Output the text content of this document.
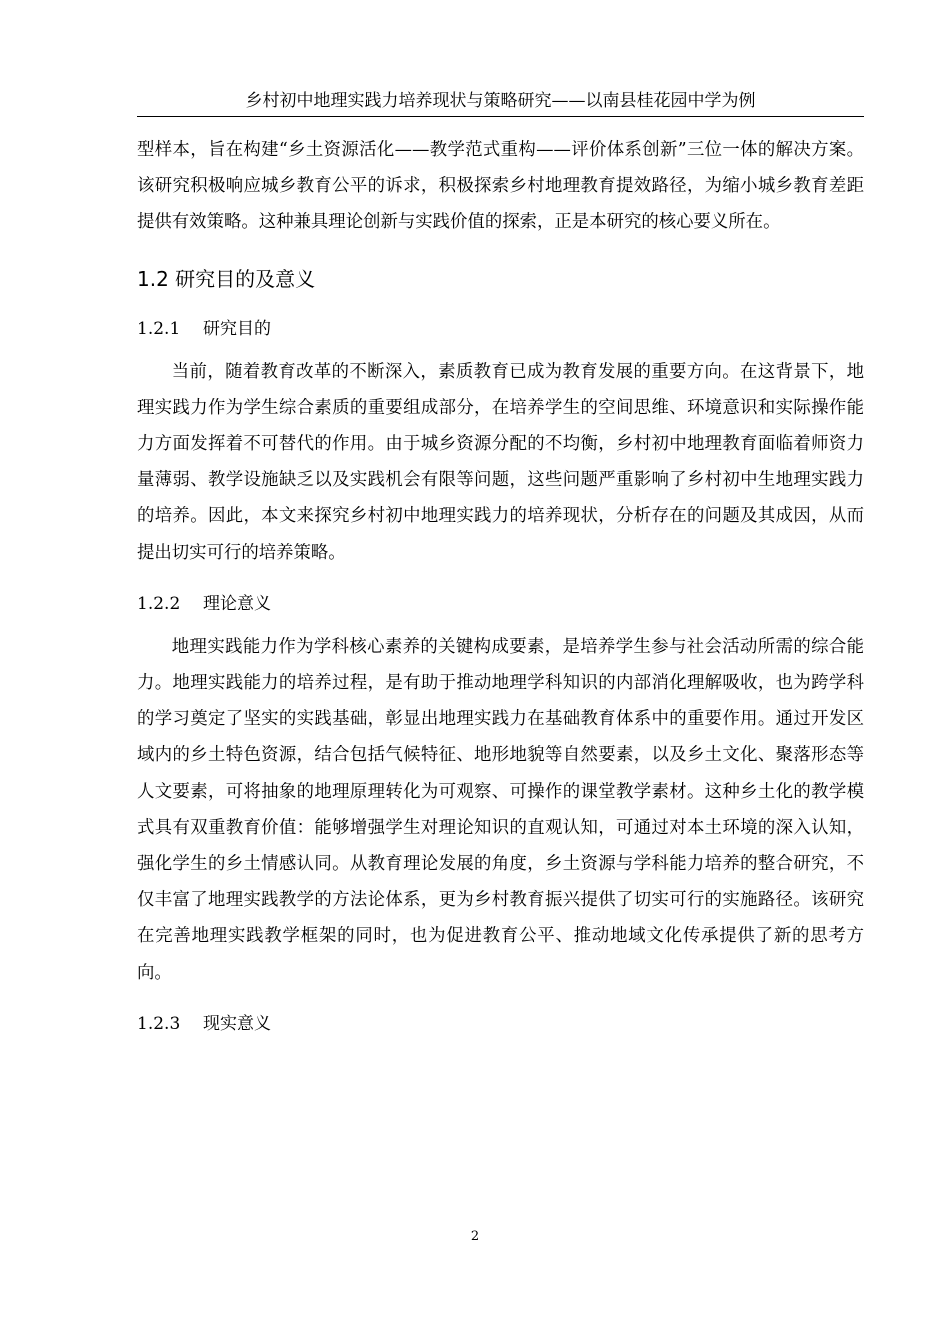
乡村初中地理实践力培养现状与策略研究——以南县桂花园中学为例

型样本，旨在构建“乡土资源活化——教学范式重构——评价体系创新”三位一体的解决方案。该研究积极响应城乡教育公平的诉求，积极探索乡村地理教育提效路径，为缩小城乡教育差距提供有效策略。这种兼具理论创新与实践价值的探索，正是本研究的核心要义所在。

1.2 研究目的及意义
1.2.1 研究目的

当前，随着教育改革的不断深入，素质教育已成为教育发展的重要方向。在这背景下，地理实践力作为学生综合素质的重要组成部分，在培养学生的空间思维、环境意识和实际操作能力方面发挥着不可替代的作用。由于城乡资源分配的不均衡，乡村初中地理教育面临着师资力量薄弱、教学设施缺乏以及实践机会有限等问题，这些问题严重影响了乡村初中生地理实践力的培养。因此，本文来探究乡村初中地理实践力的培养现状，分析存在的问题及其成因，从而提出切实可行的培养策略。

1.2.2 理论意义

地理实践能力作为学科核心素养的关键构成要素，是培养学生参与社会活动所需的综合能力。地理实践能力的培养过程，是有助于推动地理学科知识的内部消化理解吸收，也为跨学科的学习奠定了坚实的实践基础，彰显出地理实践力在基础教育体系中的重要作用。通过开发区域内的乡土特色资源，结合包括气候特征、地形地貌等自然要素，以及乡土文化、聚落形态等人文要素，可将抽象的地理原理转化为可观察、可操作的课堂教学素材。这种乡土化的教学模式具有双重教育价值：能够增强学生对理论知识的直观认知，可通过对本土环境的深入认知，强化学生的乡土情感认同。从教育理论发展的角度，乡土资源与学科能力培养的整合研究，不仅丰富了地理实践教学的方法论体系，更为乡村教育振兴提供了切实可行的实施路径。该研究在完善地理实践教学框架的同时，也为促进教育公平、推动地域文化传承提供了新的思考方向。

1.2.3 现实意义
2
